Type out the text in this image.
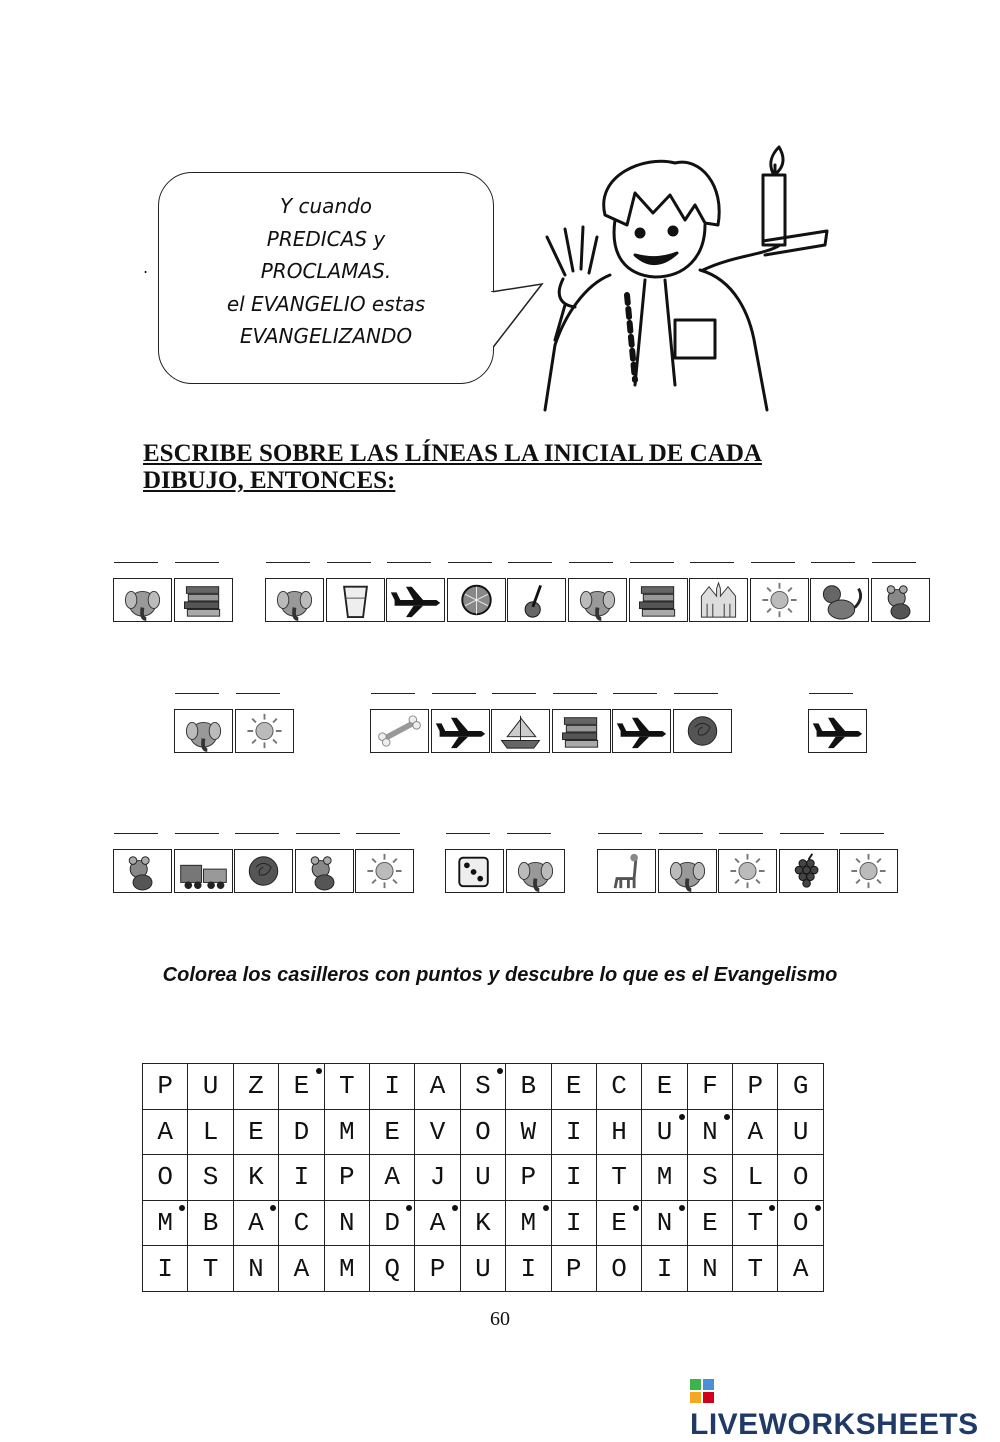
Y cuando
PREDICAS y
PROCLAMAS.
el EVANGELIO estas
EVANGELIZANDO
.
ESCRIBE SOBRE LAS LÍNEAS LA INICIAL DE CADA DIBUJO, ENTONCES:
Colorea los casilleros con puntos y descubre lo que es el Evangelismo
P	U	Z	E	T	I	A	S	B	E	C	E	F	P	G
A	L	E	D	M	E	V	O	W	I	H	U	N	A	U
O	S	K	I	P	A	J	U	P	I	T	M	S	L	O
M	B	A	C	N	D	A	K	M	I	E	N	E	T	O
I	T	N	A	M	Q	P	U	I	P	O	I	N	T	A
60
LIVEWORKSHEETS
